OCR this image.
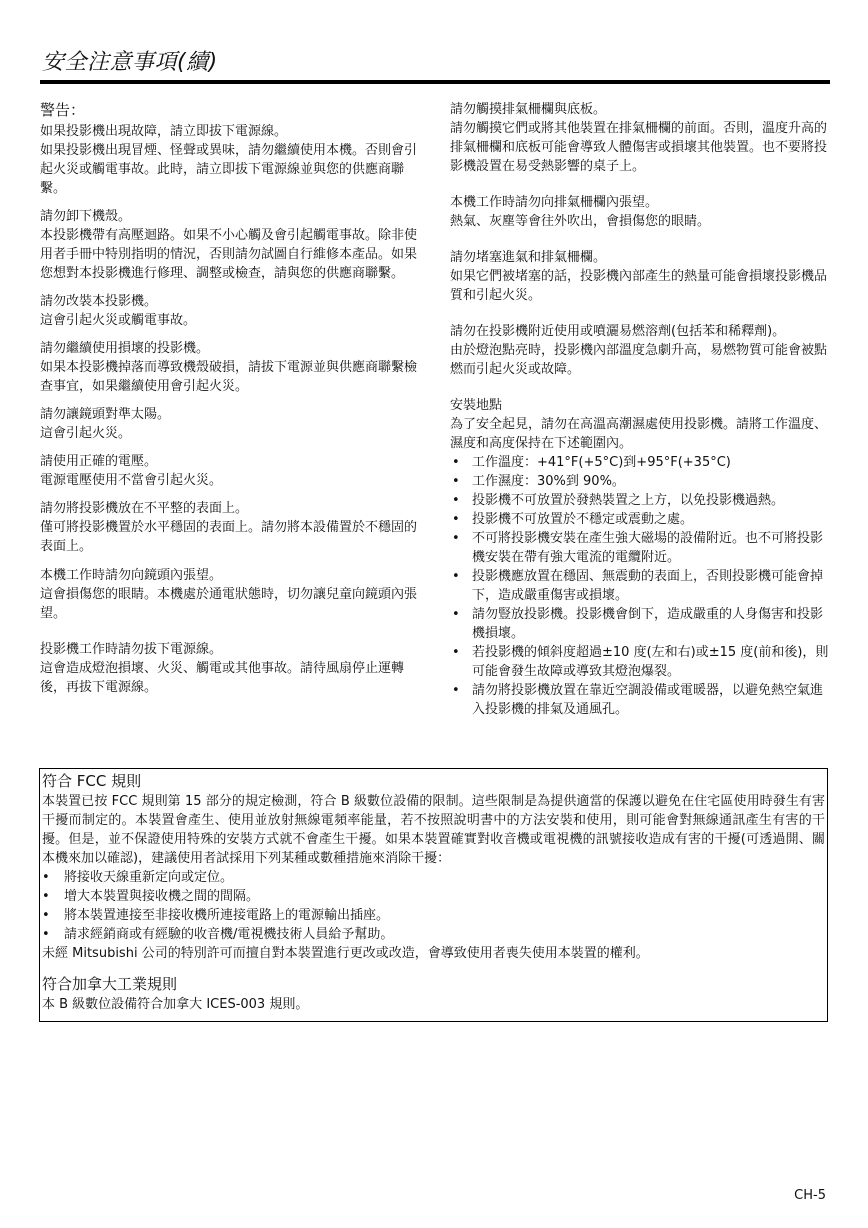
安全注意事項(續)
警告：
如果投影機出現故障，請立即拔下電源線。
如果投影機出現冒煙、怪聲或異味，請勿繼續使用本機。否則會引起火災或觸電事故。此時，請立即拔下電源線並與您的供應商聯繫。
請勿卸下機殼。
本投影機帶有高壓迴路。如果不小心觸及會引起觸電事故。除非使用者手冊中特別指明的情況，否則請勿試圖自行維修本產品。如果您想對本投影機進行修理、調整或檢查，請與您的供應商聯繫。
請勿改裝本投影機。
這會引起火災或觸電事故。
請勿繼續使用損壞的投影機。
如果本投影機掉落而導致機殼破損，請拔下電源並與供應商聯繫檢查事宜，如果繼續使用會引起火災。
請勿讓鏡頭對準太陽。
這會引起火災。
請使用正確的電壓。
電源電壓使用不當會引起火災。
請勿將投影機放在不平整的表面上。
僅可將投影機置於水平穩固的表面上。請勿將本設備置於不穩固的表面上。
本機工作時請勿向鏡頭內張望。
這會損傷您的眼睛。本機處於通電狀態時，切勿讓兒童向鏡頭內張望。
投影機工作時請勿拔下電源線。
這會造成燈泡損壞、火災、觸電或其他事故。請待風扇停止運轉後，再拔下電源線。
請勿觸摸排氣柵欄與底板。
請勿觸摸它們或將其他裝置在排氣柵欄的前面。否則，溫度升高的排氣柵欄和底板可能會導致人體傷害或損壞其他裝置。也不要將投影機設置在易受熱影響的桌子上。
本機工作時請勿向排氣柵欄內張望。
熱氣、灰塵等會往外吹出，會損傷您的眼睛。
請勿堵塞進氣和排氣柵欄。
如果它們被堵塞的話，投影機內部產生的熱量可能會損壞投影機品質和引起火災。
請勿在投影機附近使用或噴灑易燃溶劑(包括苯和稀釋劑)。
由於燈泡點亮時，投影機內部溫度急劇升高，易燃物質可能會被點燃而引起火災或故障。
安裝地點
為了安全起見，請勿在高溫高潮濕處使用投影機。請將工作溫度、濕度和高度保持在下述範圍內。
• 工作溫度：+41°F(+5°C)到+95°F(+35°C)
• 工作濕度：30%到 90%。
• 投影機不可放置於發熱裝置之上方，以免投影機過熱。
• 投影機不可放置於不穩定或震動之處。
• 不可將投影機安裝在產生強大磁場的設備附近。也不可將投影機安裝在帶有強大電流的電纜附近。
• 投影機應放置在穩固、無震動的表面上，否則投影機可能會掉下，造成嚴重傷害或損壞。
• 請勿豎放投影機。投影機會倒下，造成嚴重的人身傷害和投影機損壞。
• 若投影機的傾斜度超過±10 度(左和右)或±15 度(前和後)，則可能會發生故障或導致其燈泡爆裂。
• 請勿將投影機放置在靠近空調設備或電暖器，以避免熱空氣進入投影機的排氣及通風孔。
符合 FCC 規則
本裝置已按 FCC 規則第 15 部分的規定檢測，符合 B 級數位設備的限制。這些限制是為提供適當的保護以避免在住宅區使用時發生有害干擾而制定的。本裝置會產生、使用並放射無線電頻率能量，若不按照說明書中的方法安裝和使用，則可能會對無線通訊產生有害的干擾。但是，並不保證使用特殊的安裝方式就不會產生干擾。如果本裝置確實對收音機或電視機的訊號接收造成有害的干擾(可透過開、關本機來加以確認)，建議使用者試採用下列某種或數種措施來消除干擾：
• 將接收天線重新定向或定位。
• 增大本裝置與接收機之間的間隔。
• 將本裝置連接至非接收機所連接電路上的電源輸出插座。
• 請求經銷商或有經驗的收音機/電視機技術人員給予幫助。
未經 Mitsubishi 公司的特別許可而擅自對本裝置進行更改或改造，會導致使用者喪失使用本裝置的權利。
符合加拿大工業規則
本 B 級數位設備符合加拿大 ICES-003 規則。
CH-5
